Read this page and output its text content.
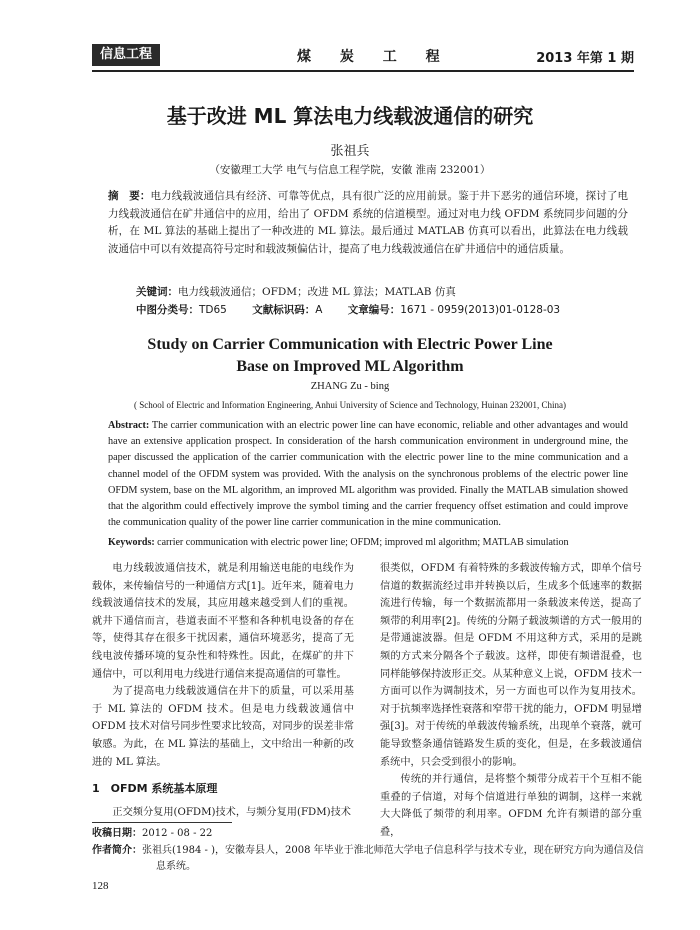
信息工程	煤 炭 工 程	2013 年第 1 期
基于改进 ML 算法电力线载波通信的研究
张祖兵
（安徽理工大学 电气与信息工程学院，安徽 淮南 232001）
摘　要：电力线载波通信具有经济、可靠等优点，具有很广泛的应用前景。鉴于井下恶劣的通信环境，探讨了电力线载波通信在矿井通信中的应用，给出了 OFDM 系统的信道模型。通过对电力线 OFDM 系统同步问题的分析，在 ML 算法的基础上提出了一种改进的 ML 算法。最后通过 MATLAB 仿真可以看出，此算法在电力线载波通信中可以有效提高符号定时和载波频偏估计，提高了电力线载波通信在矿井通信中的通信质量。
关键词：电力线载波通信；OFDM；改进 ML 算法；MATLAB 仿真
中图分类号：TD65 文献标识码：A 文章编号：1671 - 0959(2013)01-0128-03
Study on Carrier Communication with Electric Power Line
Base on Improved ML Algorithm
ZHANG Zu - bing
( School of Electric and Information Engineering, Anhui University of Science and Technology, Huinan 232001, China)
Abstract: The carrier communication with an electric power line can have economic, reliable and other advantages and would have an extensive application prospect. In consideration of the harsh communication environment in underground mine, the paper discussed the application of the carrier communication with the electric power line to the mine communication and a channel model of the OFDM system was provided. With the analysis on the synchronous problems of the electric power line OFDM system, base on the ML algorithm, an improved ML algorithm was provided. Finally the MATLAB simulation showed that the algorithm could effectively improve the symbol timing and the carrier frequency offset estimation and could improve the communication quality of the power line carrier communication in the mine communication.
Keywords: carrier communication with electric power line; OFDM; improved ml algorithm; MATLAB simulation

电力线载波通信技术，就是利用输送电能的电线作为载体，来传输信号的一种通信方式[1]。近年来，随着电力线载波通信技术的发展，其应用越来越受到人们的重视。就井下通信而言，巷道表面不平整和各种机电设备的存在等，使得其存在很多干扰因素，通信环境恶劣，提高了无线电波传播环境的复杂性和特殊性。因此，在煤矿的井下通信中，可以利用电力线进行通信来提高通信的可靠性。

为了提高电力线载波通信在井下的质量，可以采用基于 ML 算法的 OFDM 技术。但是电力线载波通信中 OFDM 技术对信号同步性要求比较高，对同步的误差非常敏感。为此，在 ML 算法的基础上，文中给出一种新的改进的 ML 算法。

1　OFDM 系统基本原理

正交频分复用(OFDM)技术，与频分复用(FDM)技术

很类似，OFDM 有着特殊的多载波传输方式，即单个信号信道的数据流经过串并转换以后，生成多个低速率的数据流进行传输，每一个数据流都用一条载波来传送，提高了频带的利用率[2]。传统的分隔子载波频谱的方式一般用的是带通滤波器。但是 OFDM 不用这种方式，采用的是跳频的方式来分隔各个子载波。这样，即使有频谱混叠，也同样能够保持波形正交。从某种意义上说，OFDM 技术一方面可以作为调制技术，另一方面也可以作为复用技术。对于抗频率选择性衰落和窄带干扰的能力，OFDM 明显增强[3]。对于传统的单载波传输系统，出现单个衰落，就可能导致整条通信链路发生质的变化，但是，在多载波通信系统中，只会受到很小的影响。

传统的并行通信，是将整个频带分成若干个互相不能重叠的子信道，对每个信道进行单独的调制，这样一来就大大降低了频带的利用率。OFDM 允许有频谱的部分重叠，

收稿日期：2012 - 08 - 22
作者简介：张祖兵(1984 - )，安徽寿县人，2008 年毕业于淮北师范大学电子信息科学与技术专业，现在研究方向为通信及信息系统。
128
